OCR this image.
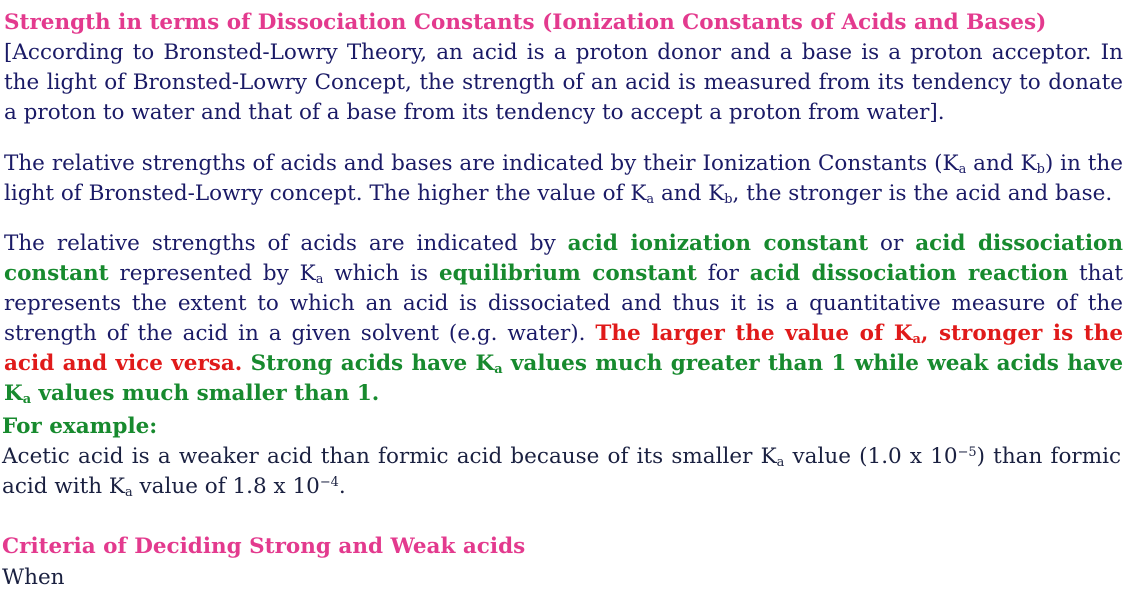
Strength in terms of Dissociation Constants (Ionization Constants of Acids and Bases)

[According to Bronsted-Lowry Theory, an acid is a proton donor and a base is a proton acceptor. In the light of Bronsted-Lowry Concept, the strength of an acid is measured from its tendency to donate a proton to water and that of a base from its tendency to accept a proton from water].

The relative strengths of acids and bases are indicated by their Ionization Constants ($K_a$ and $K_b$) in the light of Bronsted-Lowry concept. The higher the value of $K_a$ and $K_b$, the stronger is the acid and base.

The relative strengths of acids are indicated by acid ionization constant or acid dissociation constant represented by $K_a$ which is equilibrium constant for acid dissociation reaction that represents the extent to which an acid is dissociated and thus it is a quantitative measure of the strength of the acid in a given solvent (e.g. water). The larger the value of $K_a$, stronger is the acid and vice versa. Strong acids have $K_a$ values much greater than 1 while weak acids have $K_a$ values much smaller than 1.

For example:

Acetic acid is a weaker acid than formic acid because of its smaller $K_a$ value (1.0 x $10^{-5}$) than formic acid with $K_a$ value of 1.8 x $10^{-4}$.

Criteria of Deciding Strong and Weak acids

When
